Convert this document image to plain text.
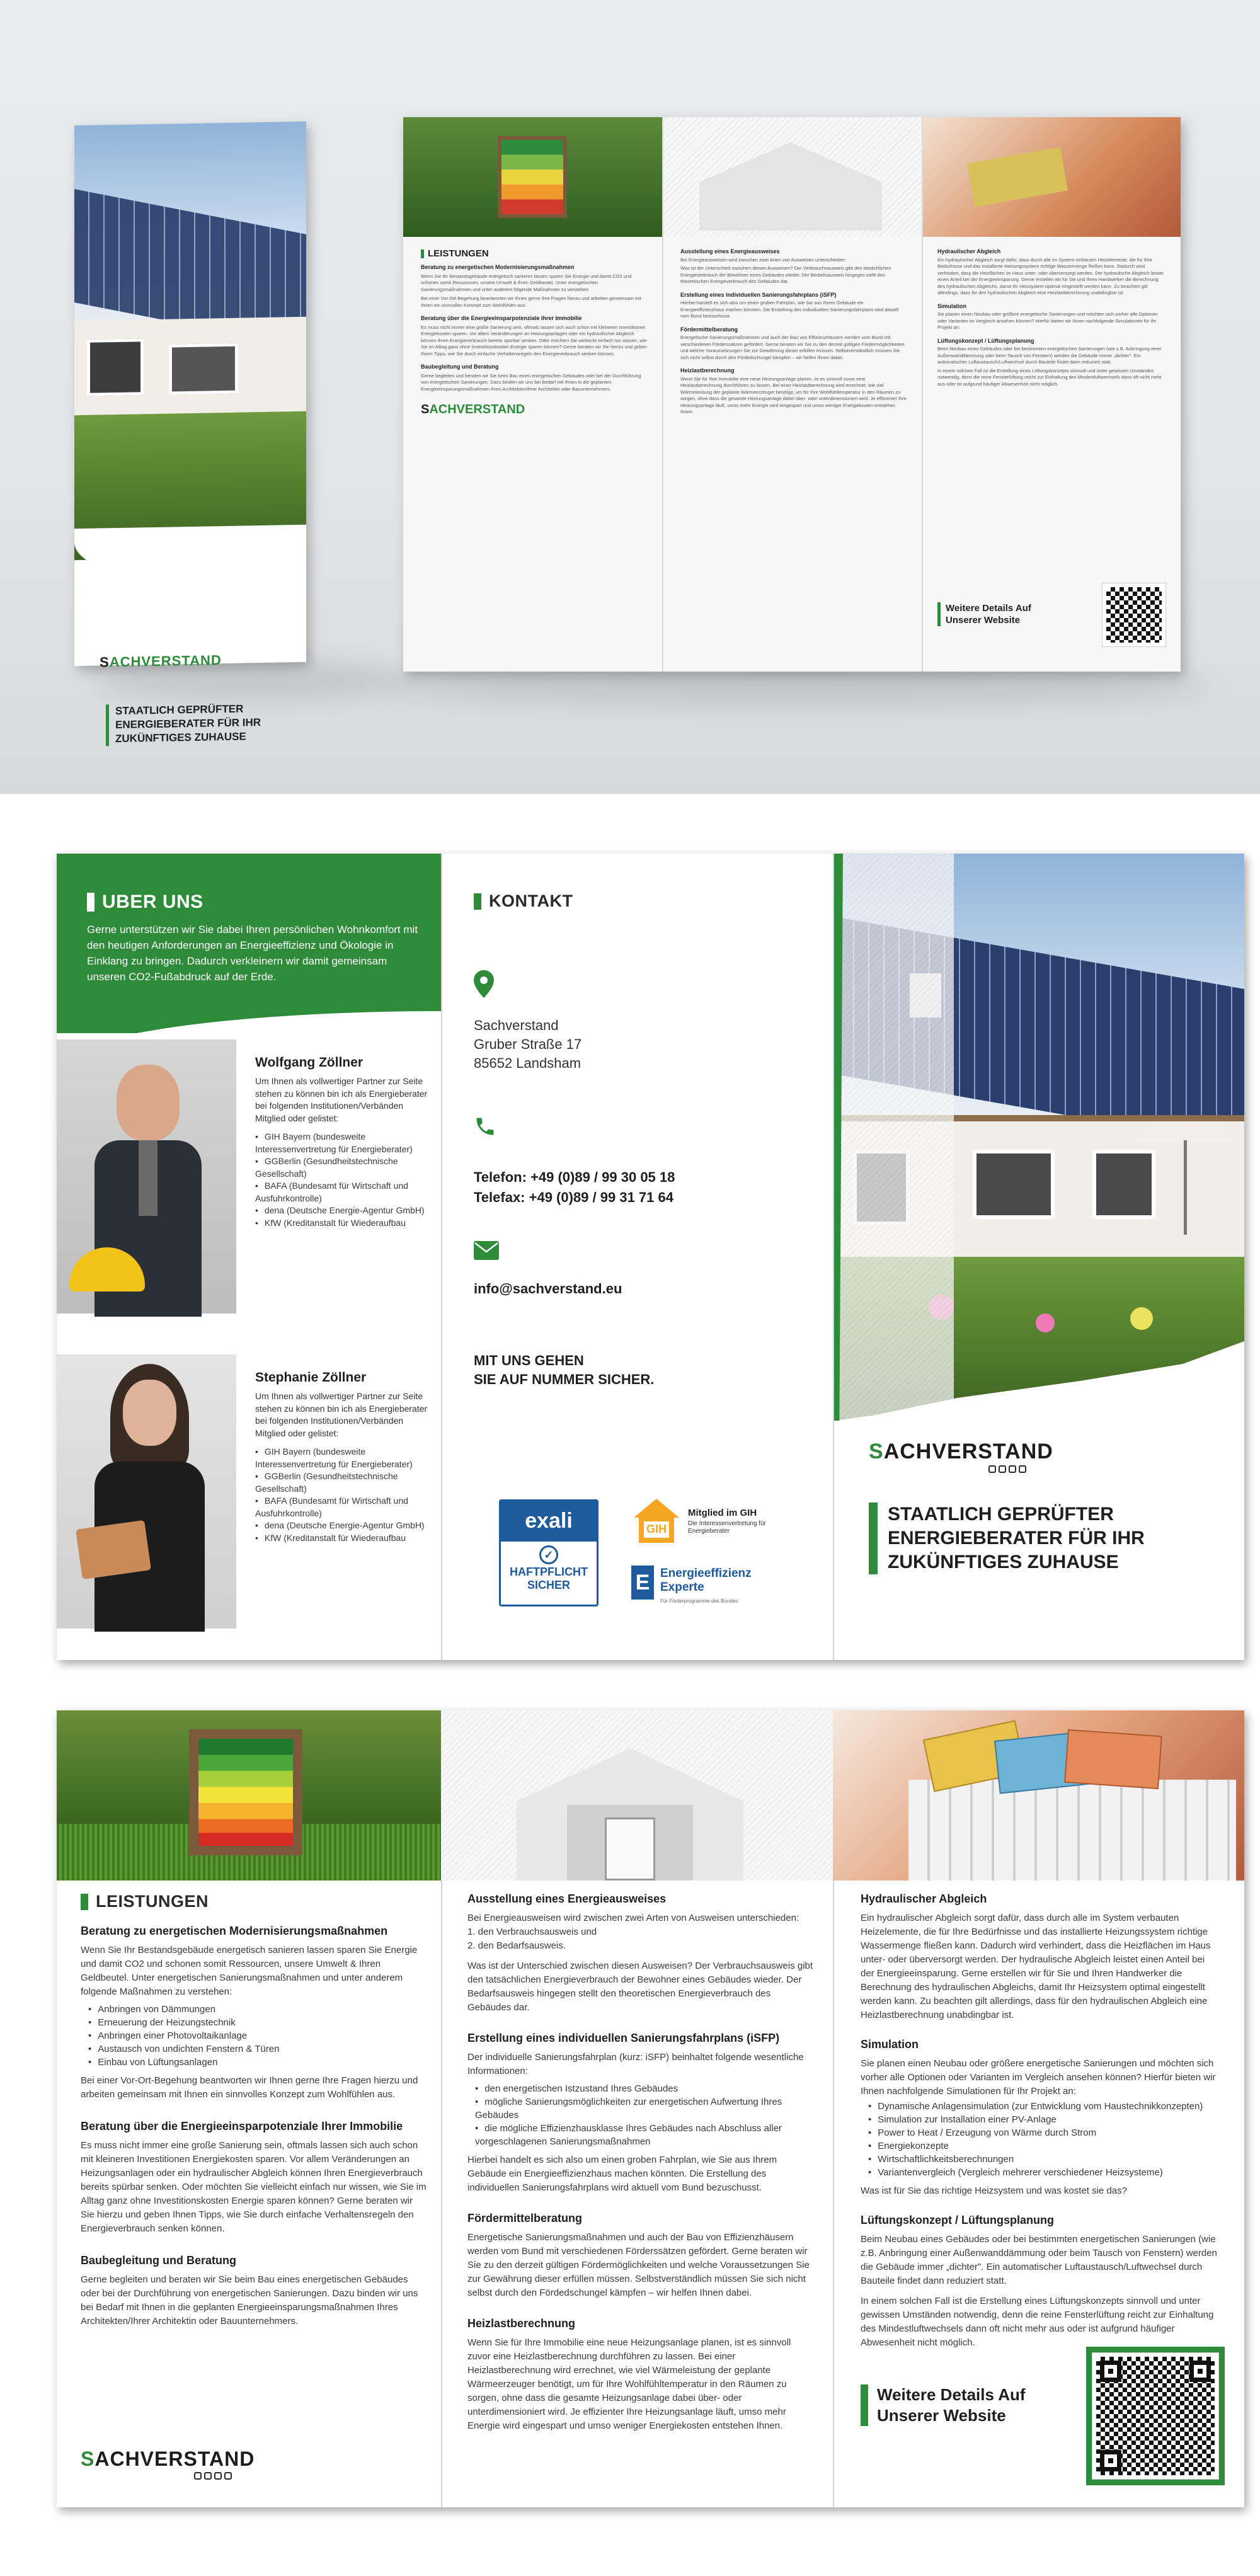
SACHVERSTAND
STAATLICH GEPRÜFTER
ENERGIEBERATER FÜR IHR
ZUKÜNFTIGES ZUHAUSE
LEISTUNGEN
Beratung zu energetischen Modernisierungsmaßnahmen
Wenn Sie Ihr Bestandsgebäude energetisch sanieren lassen sparen Sie Energie und damit CO2 und schonen somit Ressourcen, unsere Umwelt & Ihren Geldbeutel. Unter energetischen Sanierungsmaßnahmen und unter anderem folgende Maßnahmen zu verstehen:
Bei einer Vor-Ort-Begehung beantworten wir Ihnen gerne Ihre Fragen hierzu und arbeiten gemeinsam mit Ihnen ein sinnvolles Konzept zum Wohlfühlen aus.
Beratung über die Energieeinsparpotenziale Ihrer Immobilie
Es muss nicht immer eine große Sanierung sein, oftmals lassen sich auch schon mit kleineren Investitionen Energiekosten sparen. Vor allem Veränderungen an Heizungsanlagen oder ein hydraulischer Abgleich können Ihren Energieverbrauch bereits spürbar senken. Oder möchten Sie vielleicht einfach nur wissen, wie Sie im Alltag ganz ohne Investitionskosten Energie sparen können? Gerne beraten wir Sie hierzu und geben Ihnen Tipps, wie Sie durch einfache Verhaltensregeln den Energieverbrauch senken können.
Baubegleitung und Beratung
Gerne begleiten und beraten wir Sie beim Bau eines energetischen Gebäudes oder bei der Durchführung von energetischen Sanierungen. Dazu binden wir uns bei Bedarf mit Ihnen in die geplanten Energieeinsparungsmaßnahmen Ihres Architekten/Ihrer Architektin oder Bauunternehmers.
SACHVERSTAND
Ausstellung eines Energieausweises
Bei Energieausweisen wird zwischen zwei Arten von Ausweisen unterschieden:
Was ist der Unterschied zwischen diesen Ausweisen? Der Verbrauchsausweis gibt den tatsächlichen Energieverbrauch der Bewohner eines Gebäudes wieder. Der Bedarfsausweis hingegen stellt den theoretischen Energieverbrauch des Gebäudes dar.
Erstellung eines individuellen Sanierungsfahrplans (iSFP)
Hierbei handelt es sich also um einen groben Fahrplan, wie Sie aus Ihrem Gebäude ein Energieeffizienzhaus machen könnten. Die Erstellung des individuellen Sanierungsfahrplans wird aktuell vom Bund bezuschusst.
Fördermittelberatung
Energetische Sanierungsmaßnahmen und auch der Bau von Effizienzhäusern werden vom Bund mit verschiedenen Förderssätzen gefördert. Gerne beraten wir Sie zu den derzeit gültigen Fördermöglichkeiten und welche Voraussetzungen Sie zur Gewährung dieser erfüllen müssen. Selbstverständlich müssen Sie sich nicht selbst durch den Fördedschungel kämpfen – wir helfen Ihnen dabei.
Heizlastberechnung
Wenn Sie für Ihre Immobilie eine neue Heizungsanlage planen, ist es sinnvoll zuvor eine Heizlastberechnung durchführen zu lassen. Bei einer Heizlastberechnung wird errechnet, wie viel Wärmeleistung der geplante Wärmeerzeuger benötigt, um für Ihre Wohlfühltemperatur in den Räumen zu sorgen, ohne dass die gesamte Heizungsanlage dabei über- oder unterdimensioniert wird. Je effizienter Ihre Heizungsanlage läuft, umso mehr Energie wird eingespart und umso weniger Energiekosten entstehen Ihnen.
Hydraulischer Abgleich
Ein hydraulischer Abgleich sorgt dafür, dass durch alle im System verbauten Heizelemente, die für Ihre Bedürfnisse und das installierte Heizungssystem richtige Wassermenge fließen kann. Dadurch wird verhindert, dass die Heizflächen im Haus unter- oder überversorgt werden. Der hydraulische Abgleich leistet einen Anteil bei der Energieeinsparung. Gerne erstellen wir für Sie und Ihren Handwerker die Berechnung des hydraulischen Abgleichs, damit Ihr Heizsystem optimal eingestellt werden kann. Zu beachten gilt allerdings, dass für den hydraulischen Abgleich eine Heizlastberechnung unabdingbar ist.
Simulation
Sie planen einen Neubau oder größere energetische Sanierungen und möchten sich vorher alle Optionen oder Varianten im Vergleich ansehen können? Hierfür bieten wir Ihnen nachfolgende Simulationen für Ihr Projekt an:
Lüftungskonzept / Lüftungsplanung
Beim Neubau eines Gebäudes oder bei bestimmten energetischen Sanierungen (wie z.B. Anbringung einer Außenwanddämmung oder beim Tausch von Fenstern) werden die Gebäude immer „dichter". Ein automatischer Luftaustausch/Luftwechsel durch Bauteile findet dann reduziert statt.
In einem solchen Fall ist die Erstellung eines Lüftungskonzepts sinnvoll und unter gewissen Umständen notwendig, denn die reine Fensterlüftung reicht zur Einhaltung des Mindestluftwechsels dann oft nicht mehr aus oder ist aufgrund häufiger Abwesenheit nicht möglich.
Weitere Details Auf
Unserer Website
UBER UNS
Gerne unterstützen wir Sie dabei Ihren persönlichen Wohnkomfort mit den heutigen Anforderungen an Energieeffizienz und Ökologie in Einklang zu bringen. Dadurch verkleinern wir damit gemeinsam unseren CO2-Fußabdruck auf der Erde.
Wolfgang Zöllner
Um Ihnen als vollwertiger Partner zur Seite stehen zu können bin ich als Energieberater bei folgenden Institutionen/Verbänden Mitglied oder gelistet:
• GIH Bayern (bundesweite Interessenvertretung für Energieberater)
• GGBerlin (Gesundheitstechnische Gesellschaft)
• BAFA (Bundesamt für Wirtschaft und Ausfuhrkontrolle)
• dena (Deutsche Energie-Agentur GmbH)
• KfW (Kreditanstalt für Wiederaufbau
Stephanie Zöllner
Um Ihnen als vollwertiger Partner zur Seite stehen zu können bin ich als Energieberater bei folgenden Institutionen/Verbänden Mitglied oder gelistet:
• GIH Bayern (bundesweite Interessenvertretung für Energieberater)
• GGBerlin (Gesundheitstechnische Gesellschaft)
• BAFA (Bundesamt für Wirtschaft und Ausfuhrkontrolle)
• dena (Deutsche Energie-Agentur GmbH)
• KfW (Kreditanstalt für Wiederaufbau
KONTAKT
Sachverstand
Gruber Straße 17
85652 Landsham
Telefon: +49 (0)89 / 99 30 05 18
Telefax: +49 (0)89 / 99 31 71 64
info@sachverstand.eu
MIT UNS GEHEN
SIE AUF NUMMER SICHER.
exali
✓
HAFTPFLICHT
SICHER
GIH
Mitglied im GIH
Die Interessenvertretung für Energieberater
E Energieeffizienz
Experte
Für Förderprogramme des Bundes
SACHVERSTAND
STAATLICH GEPRÜFTER
ENERGIEBERATER FÜR IHR
ZUKÜNFTIGES ZUHAUSE
LEISTUNGEN
Beratung zu energetischen Modernisierungsmaßnahmen
Wenn Sie Ihr Bestandsgebäude energetisch sanieren lassen sparen Sie Energie und damit CO2 und schonen somit Ressourcen, unsere Umwelt & Ihren Geldbeutel. Unter energetischen Sanierungsmaßnahmen und unter anderem folgende Maßnahmen zu verstehen:
• Anbringen von Dämmungen
• Erneuerung der Heizungstechnik
• Anbringen einer Photovoltaikanlage
• Austausch von undichten Fenstern & Türen
• Einbau von Lüftungsanlagen
Bei einer Vor-Ort-Begehung beantworten wir Ihnen gerne Ihre Fragen hierzu und arbeiten gemeinsam mit Ihnen ein sinnvolles Konzept zum Wohlfühlen aus.
Beratung über die Energieeinsparpotenziale Ihrer Immobilie
Es muss nicht immer eine große Sanierung sein, oftmals lassen sich auch schon mit kleineren Investitionen Energiekosten sparen. Vor allem Veränderungen an Heizungsanlagen oder ein hydraulischer Abgleich können Ihren Energieverbrauch bereits spürbar senken. Oder möchten Sie vielleicht einfach nur wissen, wie Sie im Alltag ganz ohne Investitionskosten Energie sparen können? Gerne beraten wir Sie hierzu und geben Ihnen Tipps, wie Sie durch einfache Verhaltensregeln den Energieverbrauch senken können.
Baubegleitung und Beratung
Gerne begleiten und beraten wir Sie beim Bau eines energetischen Gebäudes oder bei der Durchführung von energetischen Sanierungen. Dazu binden wir uns bei Bedarf mit Ihnen in die geplanten Energieeinsparungsmaßnahmen Ihres Architekten/Ihrer Architektin oder Bauunternehmers.
SACHVERSTAND
Ausstellung eines Energieausweises
Bei Energieausweisen wird zwischen zwei Arten von Ausweisen unterschieden:
1. den Verbrauchsausweis und
2. den Bedarfsausweis.
Was ist der Unterschied zwischen diesen Ausweisen? Der Verbrauchsausweis gibt den tatsächlichen Energieverbrauch der Bewohner eines Gebäudes wieder. Der Bedarfsausweis hingegen stellt den theoretischen Energieverbrauch des Gebäudes dar.
Erstellung eines individuellen Sanierungsfahrplans (iSFP)
Der individuelle Sanierungsfahrplan (kurz: iSFP) beinhaltet folgende wesentliche Informationen:
• den energetischen Istzustand Ihres Gebäudes
• mögliche Sanierungsmöglichkeiten zur energetischen Aufwertung Ihres Gebäudes
• die mögliche Effizienzhausklasse Ihres Gebäudes nach Abschluss aller vorgeschlagenen Sanierungsmaßnahmen
Hierbei handelt es sich also um einen groben Fahrplan, wie Sie aus Ihrem Gebäude ein Energieeffizienzhaus machen könnten. Die Erstellung des individuellen Sanierungsfahrplans wird aktuell vom Bund bezuschusst.
Fördermittelberatung
Energetische Sanierungsmaßnahmen und auch der Bau von Effizienzhäusern werden vom Bund mit verschiedenen Förderssätzen gefördert. Gerne beraten wir Sie zu den derzeit gültigen Fördermöglichkeiten und welche Voraussetzungen Sie zur Gewährung dieser erfüllen müssen. Selbstverständlich müssen Sie sich nicht selbst durch den Fördedschungel kämpfen – wir helfen Ihnen dabei.
Heizlastberechnung
Wenn Sie für Ihre Immobilie eine neue Heizungsanlage planen, ist es sinnvoll zuvor eine Heizlastberechnung durchführen zu lassen. Bei einer Heizlastberechnung wird errechnet, wie viel Wärmeleistung der geplante Wärmeerzeuger benötigt, um für Ihre Wohlfühltemperatur in den Räumen zu sorgen, ohne dass die gesamte Heizungsanlage dabei über- oder unterdimensioniert wird. Je effizienter Ihre Heizungsanlage läuft, umso mehr Energie wird eingespart und umso weniger Energiekosten entstehen Ihnen.
Hydraulischer Abgleich
Ein hydraulischer Abgleich sorgt dafür, dass durch alle im System verbauten Heizelemente, die für Ihre Bedürfnisse und das installierte Heizungssystem richtige Wassermenge fließen kann. Dadurch wird verhindert, dass die Heizflächen im Haus unter- oder überversorgt werden. Der hydraulische Abgleich leistet einen Anteil bei der Energieeinsparung. Gerne erstellen wir für Sie und Ihren Handwerker die Berechnung des hydraulischen Abgleichs, damit Ihr Heizsystem optimal eingestellt werden kann. Zu beachten gilt allerdings, dass für den hydraulischen Abgleich eine Heizlastberechnung unabdingbar ist.
Simulation
Sie planen einen Neubau oder größere energetische Sanierungen und möchten sich vorher alle Optionen oder Varianten im Vergleich ansehen können? Hierfür bieten wir Ihnen nachfolgende Simulationen für Ihr Projekt an:
• Dynamische Anlagensimulation (zur Entwicklung vom Haustechnikkonzepten)
• Simulation zur Installation einer PV-Anlage
• Power to Heat / Erzeugung von Wärme durch Strom
• Energiekonzepte
• Wirtschaftlichkeitsberechnungen
• Variantenvergleich (Vergleich mehrerer verschiedener Heizsysteme)
Was ist für Sie das richtige Heizsystem und was kostet sie das?
Lüftungskonzept / Lüftungsplanung
Beim Neubau eines Gebäudes oder bei bestimmten energetischen Sanierungen (wie z.B. Anbringung einer Außenwanddämmung oder beim Tausch von Fenstern) werden die Gebäude immer „dichter". Ein automatischer Luftaustausch/Luftwechsel durch Bauteile findet dann reduziert statt.
In einem solchen Fall ist die Erstellung eines Lüftungskonzepts sinnvoll und unter gewissen Umständen notwendig, denn die reine Fensterlüftung reicht zur Einhaltung des Mindestluftwechsels dann oft nicht mehr aus oder ist aufgrund häufiger Abwesenheit nicht möglich.
Weitere Details Auf
Unserer Website
